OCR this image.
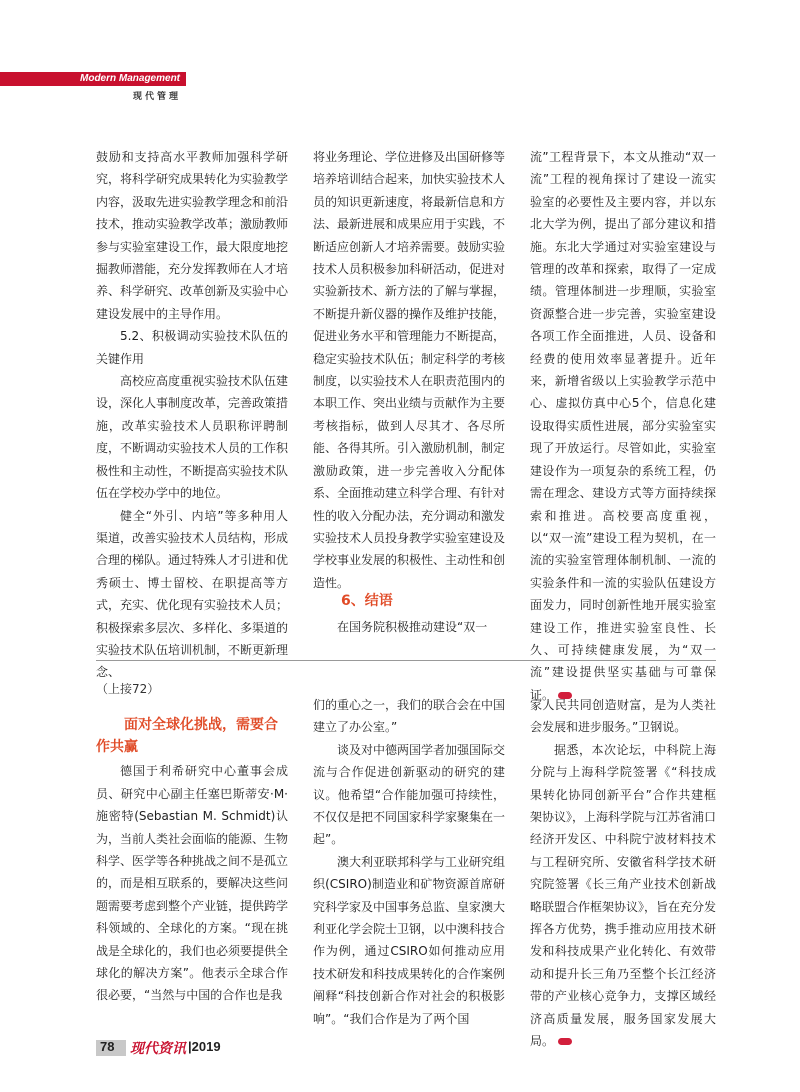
Modern Management
现代管理

鼓励和支持高水平教师加强科学研究，将科学研究成果转化为实验教学内容，汲取先进实验教学理念和前沿技术，推动实验教学改革；激励教师参与实验室建设工作，最大限度地挖掘教师潜能，充分发挥教师在人才培养、科学研究、改革创新及实验中心建设发展中的主导作用。

5.2、积极调动实验技术队伍的关键作用

高校应高度重视实验技术队伍建设，深化人事制度改革，完善政策措施，改革实验技术人员职称评聘制度，不断调动实验技术人员的工作积极性和主动性，不断提高实验技术队伍在学校办学中的地位。

健全“外引、内培”等多种用人渠道，改善实验技术人员结构，形成合理的梯队。通过特殊人才引进和优秀硕士、博士留校、在职提高等方式，充实、优化现有实验技术人员；积极探索多层次、多样化、多渠道的实验技术队伍培训机制，不断更新理念、

将业务理论、学位进修及出国研修等培养培训结合起来，加快实验技术人员的知识更新速度，将最新信息和方法、最新进展和成果应用于实践，不断适应创新人才培养需要。鼓励实验技术人员积极参加科研活动，促进对实验新技术、新方法的了解与掌握，不断提升新仪器的操作及维护技能，促进业务水平和管理能力不断提高，稳定实验技术队伍；制定科学的考核制度，以实验技术人在职责范围内的本职工作、突出业绩与贡献作为主要考核指标，做到人尽其才、各尽所能、各得其所。引入激励机制，制定激励政策，进一步完善收入分配体系、全面推动建立科学合理、有针对性的收入分配办法，充分调动和激发实验技术人员投身教学实验室建设及学校事业发展的积极性、主动性和创造性。

6、结语

在国务院积极推动建设“双一

流”工程背景下，本文从推动“双一流”工程的视角探讨了建设一流实验室的必要性及主要内容，并以东北大学为例，提出了部分建议和措施。东北大学通过对实验室建设与管理的改革和探索，取得了一定成绩。管理体制进一步理顺，实验室资源整合进一步完善，实验室建设各项工作全面推进，人员、设备和经费的使用效率显著提升。近年来，新增省级以上实验教学示范中心、虚拟仿真中心5个，信息化建设取得实质性进展，部分实验室实现了开放运行。尽管如此，实验室建设作为一项复杂的系统工程，仍需在理念、建设方式等方面持续探索和推进。高校要高度重视，以“双一流”建设工程为契机，在一流的实验室管理体制机制、一流的实验条件和一流的实验队伍建设方面发力，同时创新性地开展实验室建设工作，推进实验室良性、长久、可持续健康发展，为“双一流”建设提供坚实基础与可靠保证。

（上接72）

面对全球化挑战，需要合
作共赢

德国于利希研究中心董事会成员、研究中心副主任塞巴斯蒂安·M·施密特(Sebastian M. Schmidt)认为，当前人类社会面临的能源、生物科学、医学等各种挑战之间不是孤立的，而是相互联系的，要解决这些问题需要考虑到整个产业链，提供跨学科领域的、全球化的方案。“现在挑战是全球化的，我们也必须要提供全球化的解决方案”。他表示全球合作很必要，“当然与中国的合作也是我

们的重心之一，我们的联合会在中国建立了办公室。”

谈及对中德两国学者加强国际交流与合作促进创新驱动的研究的建议。他希望“合作能加强可持续性，不仅仅是把不同国家科学家聚集在一起”。

澳大利亚联邦科学与工业研究组织(CSIRO)制造业和矿物资源首席研究科学家及中国事务总监、皇家澳大利亚化学会院士卫钢，以中澳科技合作为例，通过CSIRO如何推动应用技术研发和科技成果转化的合作案例阐释“科技创新合作对社会的积极影响”。“我们合作是为了两个国

家人民共同创造财富，是为人类社会发展和进步服务。”卫钢说。

据悉，本次论坛，中科院上海分院与上海科学院签署《“科技成果转化协同创新平台”合作共建框架协议》，上海科学院与江苏省浦口经济开发区、中科院宁波材料技术与工程研究所、安徽省科学技术研究院签署《长三角产业技术创新战略联盟合作框架协议》，旨在充分发挥各方优势，携手推动应用技术研发和科技成果产业化转化、有效带动和提升长三角乃至整个长江经济带的产业核心竞争力，支撑区域经济高质量发展，服务国家发展大局。

78 现代资讯 |2019
